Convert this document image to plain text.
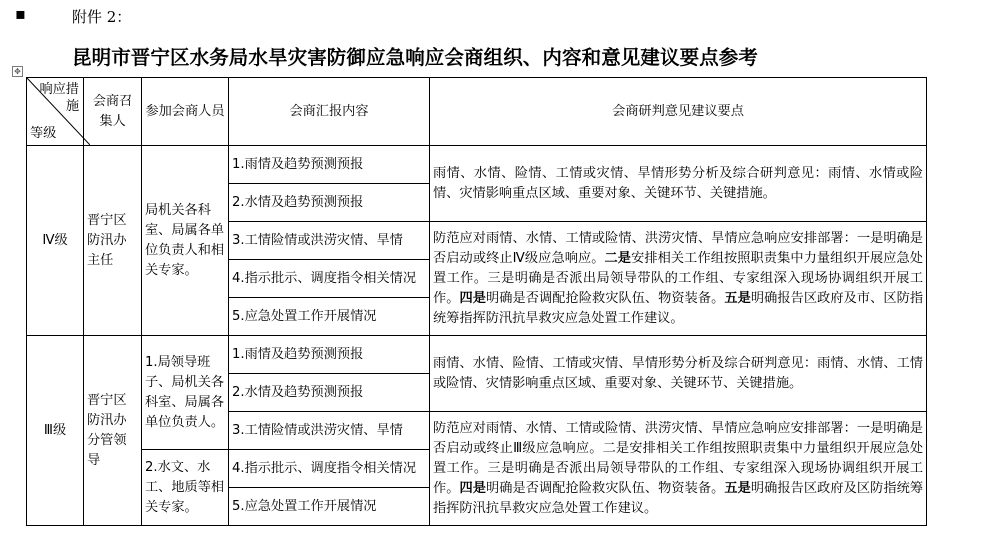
▪	附件 2：
昆明市晋宁区水务局水旱灾害防御应急响应会商组织、内容和意见建议要点参考
✥
响应措施
等级	会商召集人	参加会商人员	会商汇报内容	会商研判意见建议要点
Ⅳ级	晋宁区防汛办主任	局机关各科室、局属各单位负责人和相关专家。	1.雨情及趋势预测预报	雨情、水情、险情、工情或灾情、旱情形势分析及综合研判意见：雨情、水情或险情、灾情影响重点区域、重要对象、关键环节、关键措施。
			2.水情及趋势预测预报	
			3.工情险情或洪涝灾情、旱情	防范应对雨情、水情、工情或险情、洪涝灾情、旱情应急响应安排部署：一是明确是否启动或终止Ⅳ级应急响应。二是安排相关工作组按照职责集中力量组织开展应急处置工作。三是明确是否派出局领导带队的工作组、专家组深入现场协调组织开展工作。四是明确是否调配抢险救灾队伍、物资装备。五是明确报告区政府及市、区防指统筹指挥防汛抗旱救灾应急处置工作建议。
			4.指示批示、调度指令相关情况	
			5.应急处置工作开展情况	
Ⅲ级	晋宁区防汛办分管领导	1.局领导班子、局机关各科室、局属各单位负责人。	1.雨情及趋势预测预报	雨情、水情、险情、工情或灾情、旱情形势分析及综合研判意见：雨情、水情、工情或险情、灾情影响重点区域、重要对象、关键环节、关键措施。
			2.水情及趋势预测预报	
			3.工情险情或洪涝灾情、旱情	防范应对雨情、水情、工情或险情、洪涝灾情、旱情应急响应安排部署：一是明确是否启动或终止Ⅲ级应急响应。二是安排相关工作组按照职责集中力量组织开展应急处置工作。三是明确是否派出局领导带队的工作组、专家组深入现场协调组织开展工作。四是明确是否调配抢险救灾队伍、物资装备。五是明确报告区政府及区防指统筹指挥防汛抗旱救灾应急处置工作建议。
		2.水文、水工、地质等相关专家。	4.指示批示、调度指令相关情况	
			5.应急处置工作开展情况	
